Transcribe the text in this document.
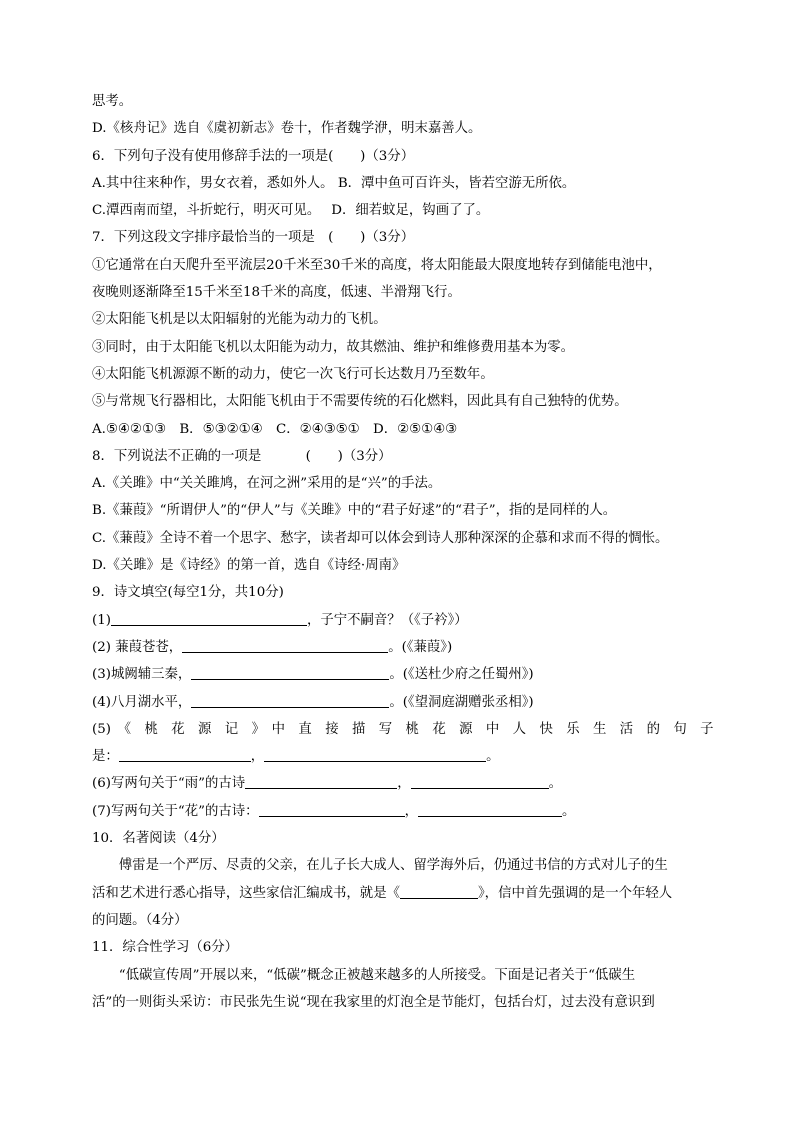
思考。
D.《核舟记》选自《虞初新志》卷十，作者魏学洢，明末嘉善人。
6．下列句子没有使用修辞手法的一项是(　　)（3分）
A.其中往来种作，男女衣着，悉如外人。 B．潭中鱼可百许头，皆若空游无所依。
C.潭西南而望，斗折蛇行，明灭可见。　 D．细若蚊足，钩画了了。
7．下列这段文字排序最恰当的一项是　(　　)（3分）
①它通常在白天爬升至平流层20千米至30千米的高度，将太阳能最大限度地转存到储能电池中，
夜晚则逐渐降至15千米至18千米的高度，低速、半滑翔飞行。
②太阳能飞机是以太阳辐射的光能为动力的飞机。
③同时，由于太阳能飞机以太阳能为动力，故其燃油、维护和维修费用基本为零。
④太阳能飞机源源不断的动力，使它一次飞行可长达数月乃至数年。
⑤与常规飞行器相比，太阳能飞机由于不需要传统的石化燃料，因此具有自己独特的优势。
A.⑤④②①③　B．⑤③②①④　C．②④③⑤①　D．②⑤①④③
8．下列说法不正确的一项是　　　 (　　)（3分）
A.《关雎》中“关关雎鸠，在河之洲”采用的是“兴”的手法。
B.《蒹葭》“所谓伊人”的“伊人”与《关雎》中的“君子好逑”的“君子”，指的是同样的人。
C.《蒹葭》全诗不着一个思字、愁字，读者却可以体会到诗人那种深深的企慕和求而不得的惆怅。
D.《关雎》是《诗经》的第一首，选自《诗经·周南》
9．诗文填空(每空1分，共10分)
(1)	，子宁不嗣音？（《子衿》）
(2) 蒹葭苍苍，	。(《蒹葭》)
(3)城阙辅三秦，	。(《送杜少府之任蜀州》)
(4)八月湖水平，	。(《望洞庭湖赠张丞相》)
(5)　《　桃　花　源　记　》　中　直　接　描　写　桃　花　源　中　人　快　乐　生　活　的　句　子
是：	，	。
(6)写两句关于“雨”的古诗	，	。
(7)写两句关于“花”的古诗：	，	。
10．名著阅读（4分）
傅雷是一个严厉、尽责的父亲，在儿子长大成人、留学海外后，仍通过书信的方式对儿子的生
活和艺术进行悉心指导，这些家信汇编成书，就是《	》，信中首先强调的是一个年轻人
的问题。（4分）
11．综合性学习（6分）
“低碳宣传周”开展以来，“低碳”概念正被越来越多的人所接受。下面是记者关于“低碳生
活”的一则街头采访：市民张先生说“现在我家里的灯泡全是节能灯，包括台灯，过去没有意识到
